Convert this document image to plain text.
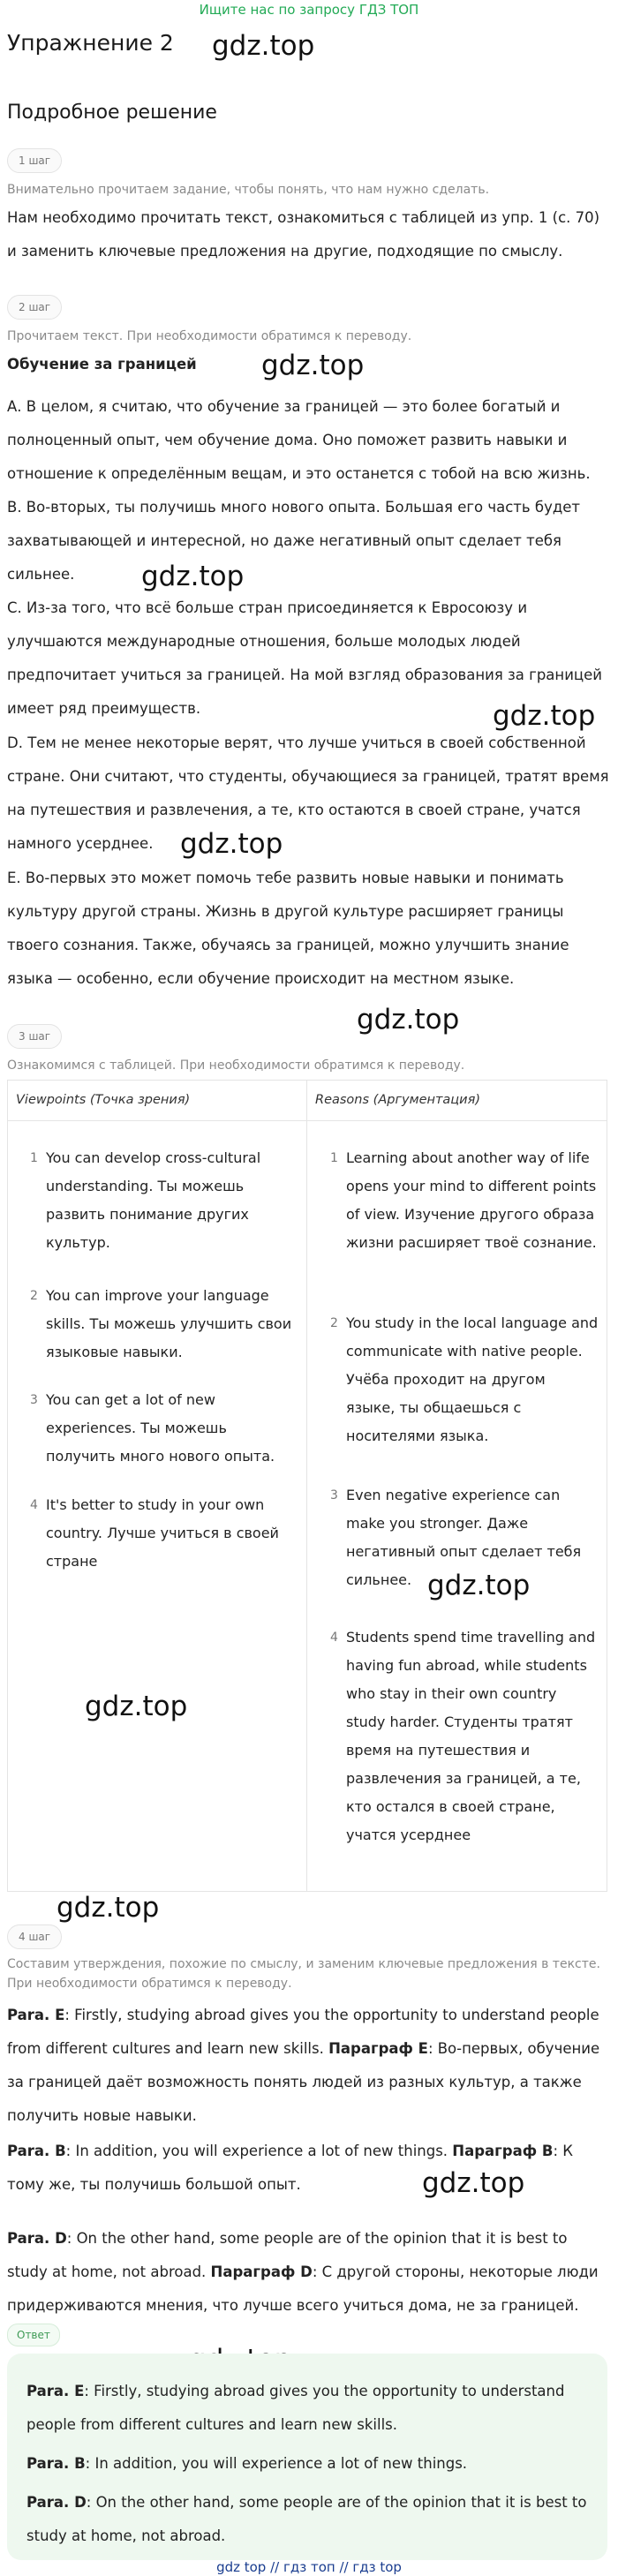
Ищите нас по запросу ГДЗ ТОП
Упражнение 2
Подробное решение
gdz.top
gdz.top
gdz.top
gdz.top
gdz.top
gdz.top
gdz.top
gdz.top
gdz.top
gdz.top
1 шаг
Внимательно прочитаем задание, чтобы понять, что нам нужно сделать.
Нам необходимо прочитать текст, ознакомиться с таблицей из упр. 1 (с. 70) и заменить ключевые предложения на другие, подходящие по смыслу.
2 шаг
Прочитаем текст. При необходимости обратимся к переводу.
Обучение за границей
А. В целом, я считаю, что обучение за границей — это более богатый и полноценный опыт, чем обучение дома. Оно поможет развить навыки и отношение к определённым вещам, и это останется с тобой на всю жизнь.
В. Во-вторых, ты получишь много нового опыта. Большая его часть будет захватывающей и интересной, но даже негативный опыт сделает тебя сильнее.
С. Из-за того, что всё больше стран присоединяется к Евросоюзу и улучшаются международные отношения, больше молодых людей предпочитает учиться за границей. На мой взгляд образования за границей имеет ряд преимуществ.
D. Тем не менее некоторые верят, что лучше учиться в своей собственной стране. Они считают, что студенты, обучающиеся за границей, тратят время на путешествия и развлечения, а те, кто остаются в своей стране, учатся намного усерднее.
Е. Во-первых это может помочь тебе развить новые навыки и понимать культуру другой страны. Жизнь в другой культуре расширяет границы твоего сознания. Также, обучаясь за границей, можно улучшить знание языка — особенно, если обучение происходит на местном языке.
3 шаг
Ознакомимся с таблицей. При необходимости обратимся к переводу.
Viewpoints (Точка зрения)	Reasons (Аргументация)
1 You can develop cross-cultural understanding. Ты можешь развить понимание других культур.
2 You can improve your language skills. Ты можешь улучшить свои языковые навыки.
3 You can get a lot of new experiences. Ты можешь получить много нового опыта.
4 It's better to study in your own country. Лучше учиться в своей стране
1 Learning about another way of life opens your mind to different points of view. Изучение другого образа жизни расширяет твоё сознание.
2 You study in the local language and communicate with native people. Учёба проходит на другом языке, ты общаешься с носителями языка.
3 Even negative experience can make you stronger. Даже негативный опыт сделает тебя сильнее.
4 Students spend time travelling and having fun abroad, while students who stay in their own country study harder. Студенты тратят время на путешествия и развлечения за границей, а те, кто остался в своей стране, учатся усерднее
4 шаг
Составим утверждения, похожие по смыслу, и заменим ключевые предложения в тексте. При необходимости обратимся к переводу.
Para. E: Firstly, studying abroad gives you the opportunity to understand people from different cultures and learn new skills. Параграф Е: Во-первых, обучение за границей даёт возможность понять людей из разных культур, а также получить новые навыки.
Para. B: In addition, you will experience a lot of new things. Параграф В: К тому же, ты получишь большой опыт.
Para. D: On the other hand, some people are of the opinion that it is best to study at home, not abroad. Параграф D: С другой стороны, некоторые люди придерживаются мнения, что лучше всего учиться дома, не за границей.
Ответ
Para. E: Firstly, studying abroad gives you the opportunity to understand people from different cultures and learn new skills.
Para. B: In addition, you will experience a lot of new things.
Para. D: On the other hand, some people are of the opinion that it is best to study at home, not abroad.
gdz top // гдз топ // гдз top
